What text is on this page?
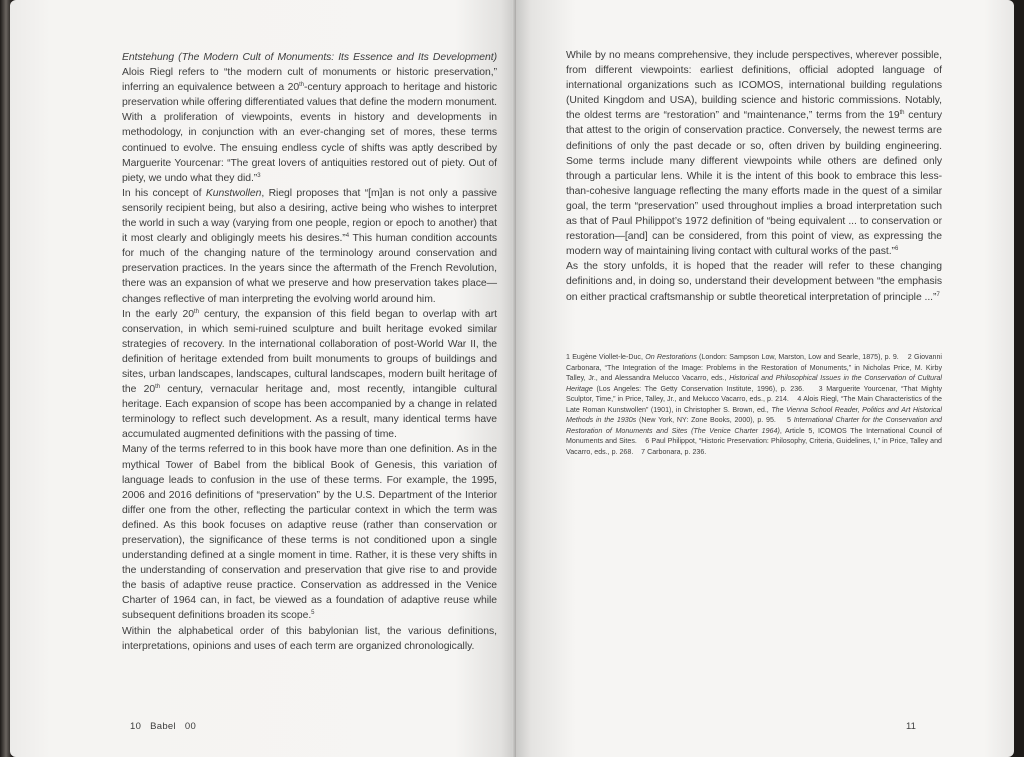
Entstehung (The Modern Cult of Monuments: Its Essence and Its Development) Alois Riegl refers to “the modern cult of monuments or historic preservation,” inferring an equivalence between a 20th-century approach to heritage and historic preservation while offering differentiated values that define the modern monument. With a proliferation of viewpoints, events in history and developments in methodology, in conjunction with an ever-changing set of mores, these terms continued to evolve. The ensuing endless cycle of shifts was aptly described by Marguerite Yourcenar: “The great lovers of antiquities restored out of piety. Out of piety, we undo what they did.”$^3$

In his concept of Kunstwollen, Riegl proposes that “[m]an is not only a passive sensorily recipient being, but also a desiring, active being who wishes to interpret the world in such a way (varying from one people, region or epoch to another) that it most clearly and obligingly meets his desires.”$^4$ This human condition accounts for much of the changing nature of the terminology around conservation and preservation practices. In the years since the aftermath of the French Revolution, there was an expansion of what we preserve and how preservation takes place—changes reflective of man interpreting the evolving world around him.

In the early 20th century, the expansion of this field began to overlap with art conservation, in which semi-ruined sculpture and built heritage evoked similar strategies of recovery. In the international collaboration of post-World War II, the definition of heritage extended from built monuments to groups of buildings and sites, urban landscapes, landscapes, cultural landscapes, modern built heritage of the 20th century, vernacular heritage and, most recently, intangible cultural heritage. Each expansion of scope has been accompanied by a change in related terminology to reflect such development. As a result, many identical terms have accumulated augmented definitions with the passing of time.

Many of the terms referred to in this book have more than one definition. As in the mythical Tower of Babel from the biblical Book of Genesis, this variation of language leads to confusion in the use of these terms. For example, the 1995, 2006 and 2016 definitions of “preservation” by the U.S. Department of the Interior differ one from the other, reflecting the particular context in which the term was defined. As this book focuses on adaptive reuse (rather than conservation or preservation), the significance of these terms is not conditioned upon a single understanding defined at a single moment in time. Rather, it is these very shifts in the understanding of conservation and preservation that give rise to and provide the basis of adaptive reuse practice. Conservation as addressed in the Venice Charter of 1964 can, in fact, be viewed as a foundation of adaptive reuse while subsequent definitions broaden its scope.$^5$

Within the alphabetical order of this babylonian list, the various definitions, interpretations, opinions and uses of each term are organized chronologically.

10 Babel 00

While by no means comprehensive, they include perspectives, wherever possible, from different viewpoints: earliest definitions, official adopted language of international organizations such as ICOMOS, international building regulations (United Kingdom and USA), building science and historic commissions. Notably, the oldest terms are “restoration” and “maintenance,” terms from the 19th century that attest to the origin of conservation practice. Conversely, the newest terms are definitions of only the past decade or so, often driven by building engineering. Some terms include many different viewpoints while others are defined only through a particular lens. While it is the intent of this book to embrace this less-than-cohesive language reflecting the many efforts made in the quest of a similar goal, the term “preservation” used throughout implies a broad interpretation such as that of Paul Philippot’s 1972 definition of “being equivalent ... to conservation or restoration—[and] can be considered, from this point of view, as expressing the modern way of maintaining living contact with cultural works of the past.”$^6$

As the story unfolds, it is hoped that the reader will refer to these changing definitions and, in doing so, understand their development between “the emphasis on either practical craftsmanship or subtle theoretical interpretation of principle ...”$^7$

1 Eugène Viollet-le-Duc, On Restorations (London: Sampson Low, Marston, Low and Searle, 1875), p. 9.    2 Giovanni Carbonara, “The Integration of the Image: Problems in the Restoration of Monuments,” in Nicholas Price, M. Kirby Talley, Jr., and Alessandra Melucco Vacarro, eds., Historical and Philosophical Issues in the Conservation of Cultural Heritage (Los Angeles: The Getty Conservation Institute, 1996), p. 236.    3 Marguerite Yourcenar, “That Mighty Sculptor, Time,” in Price, Talley, Jr., and Melucco Vacarro, eds., p. 214.    4 Alois Riegl, “The Main Characteristics of the Late Roman Kunstwollen” (1901), in Christopher S. Brown, ed., The Vienna School Reader, Politics and Art Historical Methods in the 1930s (New York, NY: Zone Books, 2000), p. 95.    5 International Charter for the Conservation and Restoration of Monuments and Sites (The Venice Charter 1964), Article 5, ICOMOS The International Council of Monuments and Sites.    6 Paul Philippot, “Historic Preservation: Philosophy, Criteria, Guidelines, I,” in Price, Talley and Vacarro, eds., p. 268.    7 Carbonara, p. 236.

11
